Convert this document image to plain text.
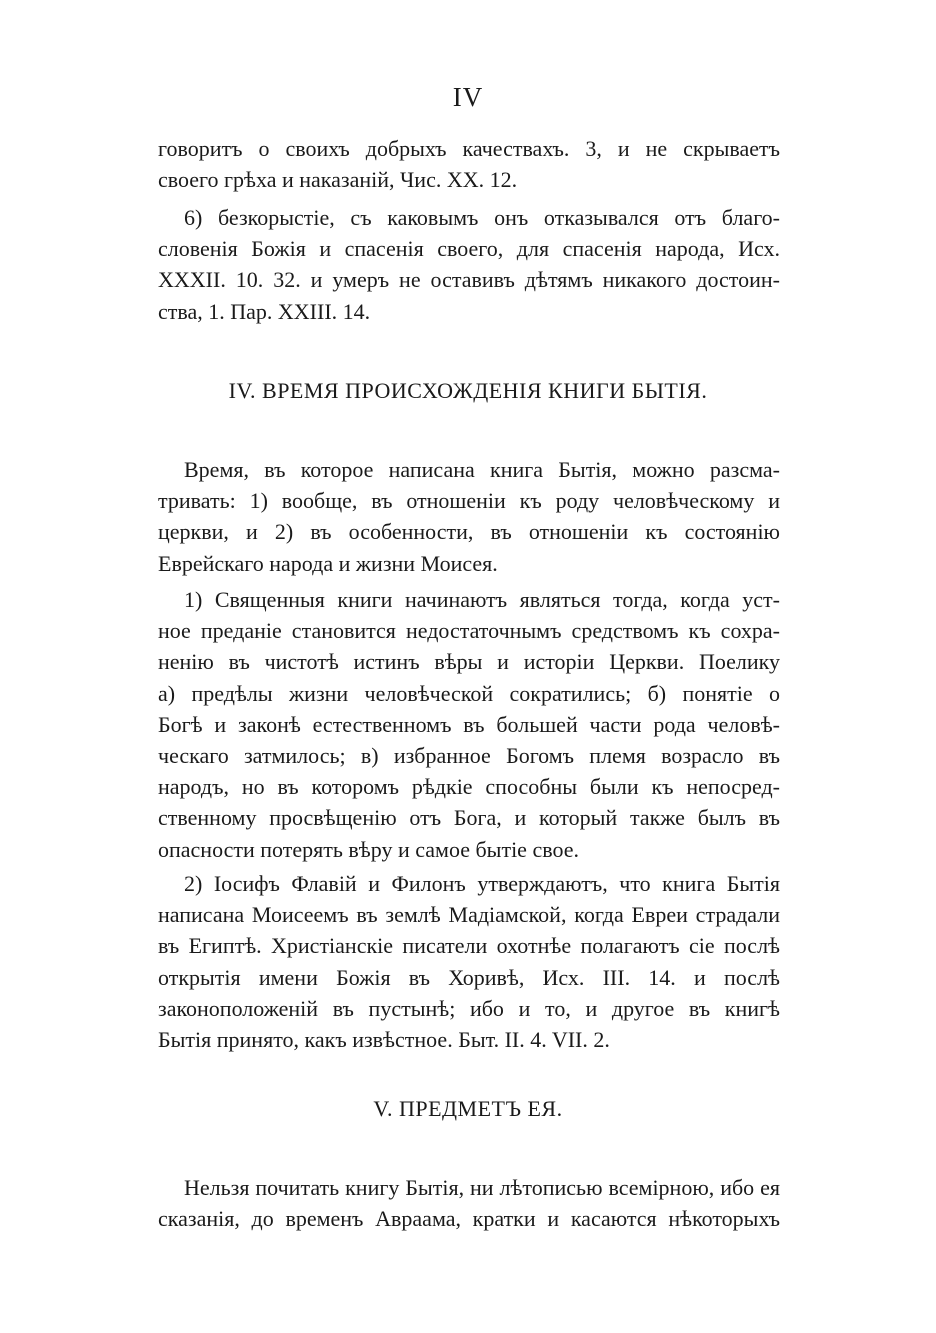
IV
говоритъ о своихъ добрыхъ качествахъ. 3, и не скрываетъ
своего грѣха и наказаній, Чис. XX. 12.
6) безкорыстіе, съ каковымъ онъ отказывался отъ благо-
словенія Божія и спасенія своего, для спасенія народа, Исх.
XXXII. 10. 32. и умеръ не оставивъ дѣтямъ никакого достоин-
ства, 1. Пар. XXIII. 14.
IV. ВРЕМЯ ПРОИСХОЖДЕНІЯ КНИГИ БЫТІЯ.
Время, въ которое написана книга Бытія, можно разсма-
тривать: 1) вообще, въ отношеніи къ роду человѣческому и
церкви, и 2) въ особенности, въ отношеніи къ состоянію
Еврейскаго народа и жизни Моисея.
1) Священныя книги начинаютъ являться тогда, когда уст-
ное преданіе становится недостаточнымъ средствомъ къ сохра-
ненію въ чистотѣ истинъ вѣры и исторіи Церкви. Поелику
а) предѣлы жизни человѣческой сократились; б) понятіе о
Богѣ и законѣ естественномъ въ большей части рода человѣ-
ческаго затмилось; в) избранное Богомъ племя возрасло въ
народъ, но въ которомъ рѣдкіе способны были къ непосред-
ственному просвѣщенію отъ Бога, и который также былъ въ
опасности потерять вѣру и самое бытіе свое.
2) Іосифъ Флавій и Филонъ утверждаютъ, что книга Бытія
написана Моисеемъ въ землѣ Мадіамской, когда Евреи страдали
въ Египтѣ. Христіанскіе писатели охотнѣе полагаютъ сіе послѣ
открытія имени Божія въ Хоривѣ, Исх. III. 14. и послѣ
законоположеній въ пустынѣ; ибо и то, и другое въ книгѣ
Бытія принято, какъ извѣстное. Быт. II. 4. VII. 2.
V. ПРЕДМЕТЪ ЕЯ.
Нельзя почитать книгу Бытія, ни лѣтописью всемірною, ибо ея
сказанія, до временъ Авраама, кратки и касаются нѣкоторыхъ
